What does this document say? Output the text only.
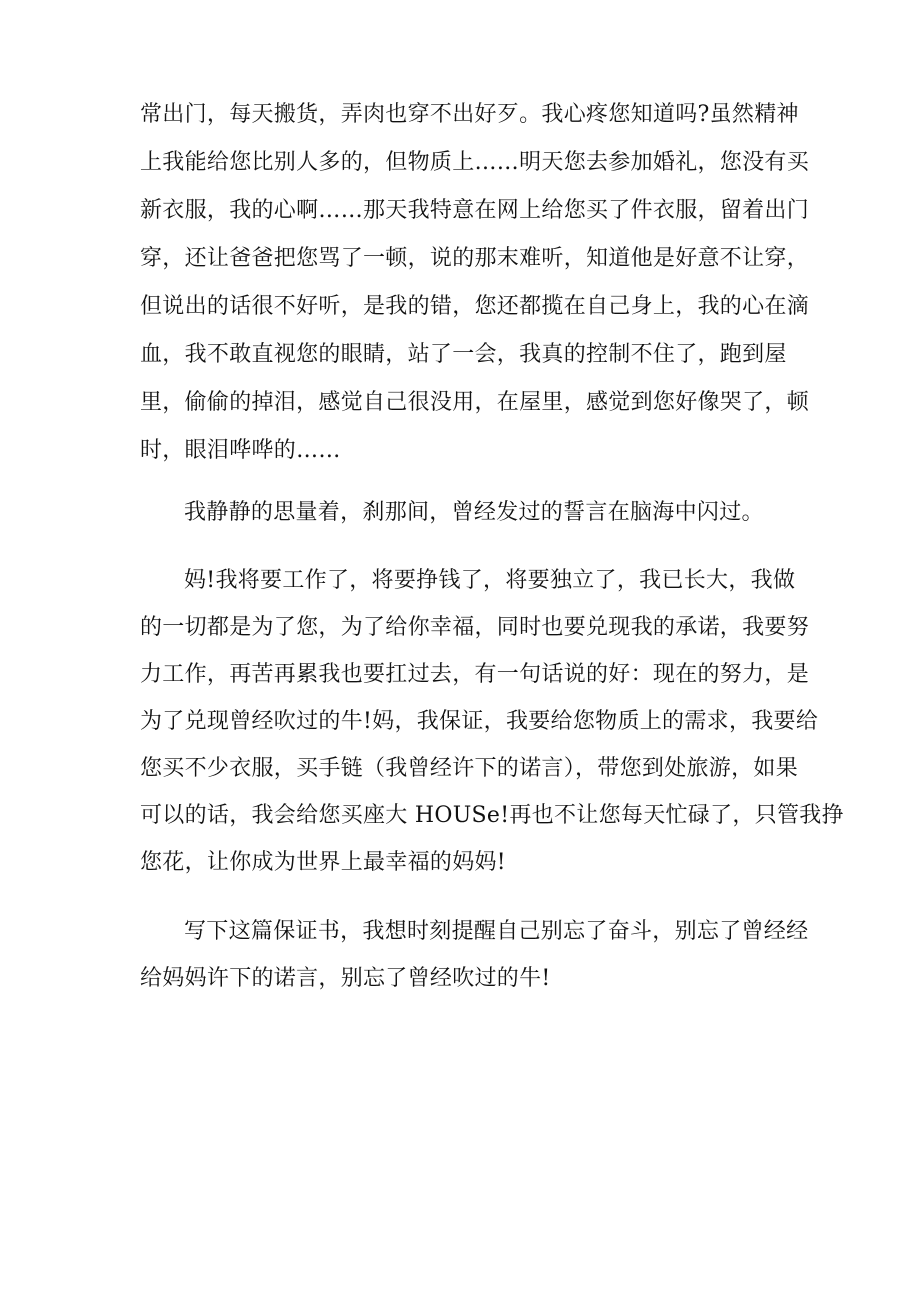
常出门，每天搬货，弄肉也穿不出好歹。我心疼您知道吗?虽然精神
上我能给您比别人多的，但物质上……明天您去参加婚礼，您没有买
新衣服，我的心啊……那天我特意在网上给您买了件衣服，留着出门
穿，还让爸爸把您骂了一顿，说的那末难听，知道他是好意不让穿，
但说出的话很不好听，是我的错，您还都揽在自己身上，我的心在滴
血，我不敢直视您的眼睛，站了一会，我真的控制不住了，跑到屋
里，偷偷的掉泪，感觉自己很没用，在屋里，感觉到您好像哭了，顿
时，眼泪哗哗的……
我静静的思量着，刹那间，曾经发过的誓言在脑海中闪过。
妈!我将要工作了，将要挣钱了，将要独立了，我已长大，我做
的一切都是为了您，为了给你幸福，同时也要兑现我的承诺，我要努
力工作，再苦再累我也要扛过去，有一句话说的好：现在的努力，是
为了兑现曾经吹过的牛!妈，我保证，我要给您物质上的需求，我要给
您买不少衣服，买手链（我曾经许下的诺言），带您到处旅游，如果
可以的话，我会给您买座大 HOUSe!再也不让您每天忙碌了，只管我挣
您花，让你成为世界上最幸福的妈妈!
写下这篇保证书，我想时刻提醒自己别忘了奋斗，别忘了曾经经
给妈妈许下的诺言，别忘了曾经吹过的牛!
